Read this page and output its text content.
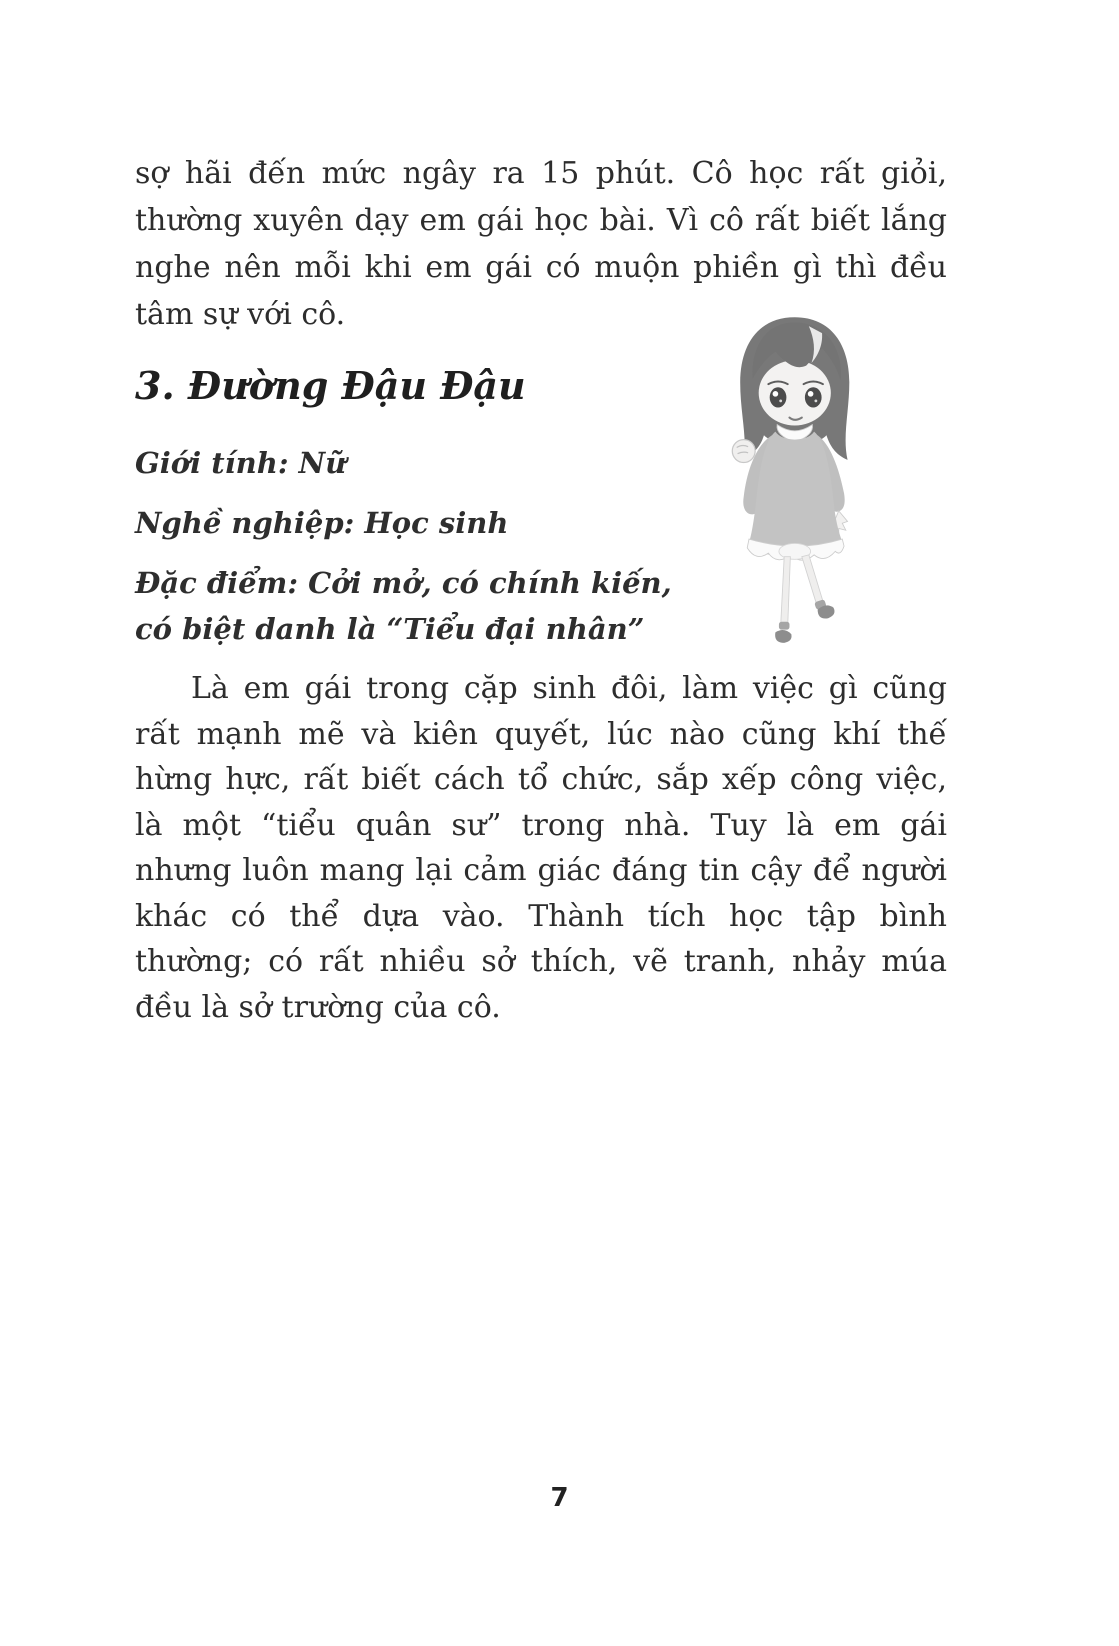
sợ hãi đến mức ngây ra 15 phút. Cô học rất giỏi, thường xuyên dạy em gái học bài. Vì cô rất biết lắng nghe nên mỗi khi em gái có muộn phiền gì thì đều tâm sự với cô.

3. Đường Đậu Đậu
Giới tính: Nữ
Nghề nghiệp: Học sinh
Đặc điểm: Cởi mở, có chính kiến, có biệt danh là “Tiểu đại nhân”

Là em gái trong cặp sinh đôi, làm việc gì cũng rất mạnh mẽ và kiên quyết, lúc nào cũng khí thế hừng hực, rất biết cách tổ chức, sắp xếp công việc, là một “tiểu quân sư” trong nhà. Tuy là em gái nhưng luôn mang lại cảm giác đáng tin cậy để người khác có thể dựa vào. Thành tích học tập bình thường; có rất nhiều sở thích, vẽ tranh, nhảy múa đều là sở trường của cô.

7
